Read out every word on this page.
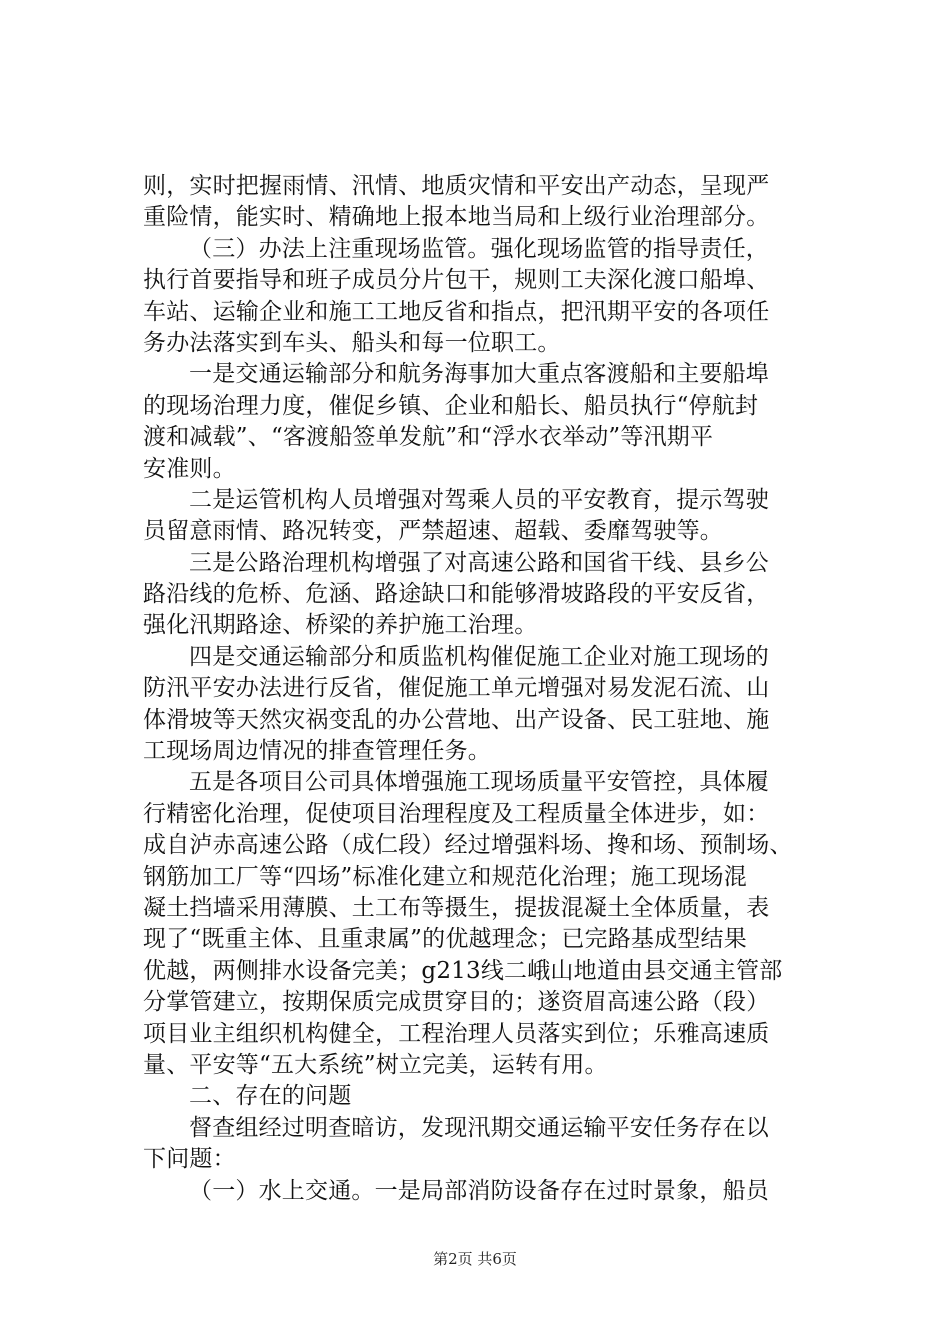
则，实时把握雨情、汛情、地质灾情和平安出产动态，呈现严
重险情，能实时、精确地上报本地当局和上级行业治理部分。
（三）办法上注重现场监管。强化现场监管的指导责任，
执行首要指导和班子成员分片包干，规则工夫深化渡口船埠、
车站、运输企业和施工工地反省和指点，把汛期平安的各项任
务办法落实到车头、船头和每一位职工。
一是交通运输部分和航务海事加大重点客渡船和主要船埠
的现场治理力度，催促乡镇、企业和船长、船员执行“停航封
渡和减载”、“客渡船签单发航”和“浮水衣举动”等汛期平
安准则。
二是运管机构人员增强对驾乘人员的平安教育，提示驾驶
员留意雨情、路况转变，严禁超速、超载、委靡驾驶等。
三是公路治理机构增强了对高速公路和国省干线、县乡公
路沿线的危桥、危涵、路途缺口和能够滑坡路段的平安反省，
强化汛期路途、桥梁的养护施工治理。
四是交通运输部分和质监机构催促施工企业对施工现场的
防汛平安办法进行反省，催促施工单元增强对易发泥石流、山
体滑坡等天然灾祸变乱的办公营地、出产设备、民工驻地、施
工现场周边情况的排查管理任务。
五是各项目公司具体增强施工现场质量平安管控，具体履
行精密化治理，促使项目治理程度及工程质量全体进步，如：
成自泸赤高速公路（成仁段）经过增强料场、搀和场、预制场、
钢筋加工厂等“四场”标准化建立和规范化治理；施工现场混
凝土挡墙采用薄膜、土工布等摄生，提拔混凝土全体质量，表
现了“既重主体、且重隶属”的优越理念；已完路基成型结果
优越，两侧排水设备完美；g213线二峨山地道由县交通主管部
分掌管建立，按期保质完成贯穿目的；遂资眉高速公路（段）
项目业主组织机构健全，工程治理人员落实到位；乐雅高速质
量、平安等“五大系统”树立完美，运转有用。
二、存在的问题
督查组经过明查暗访，发现汛期交通运输平安任务存在以
下问题：
（一）水上交通。一是局部消防设备存在过时景象，船员
第2页 共6页
